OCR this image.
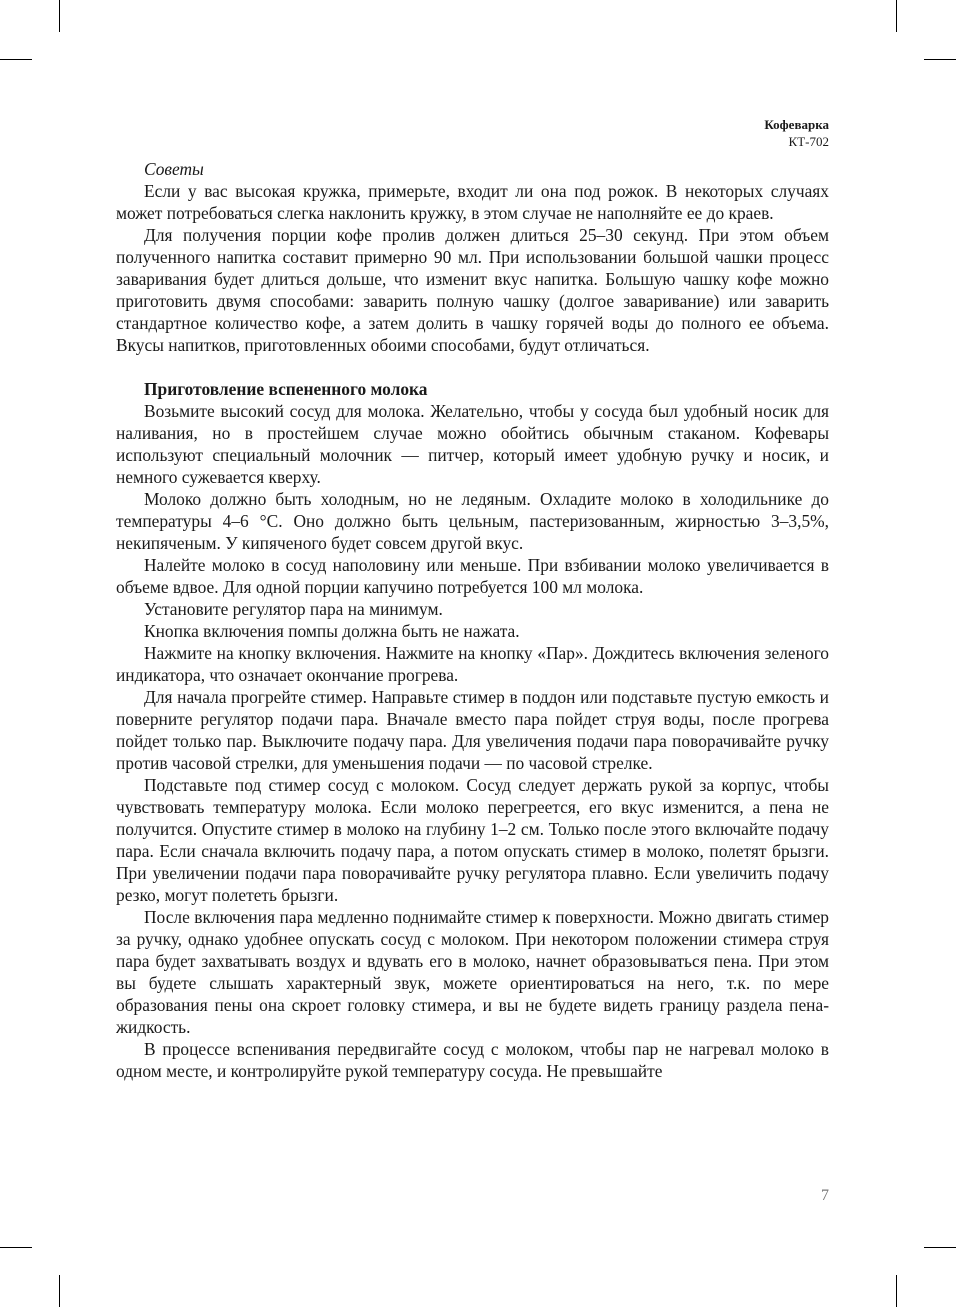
Кофеварка
КТ-702

Советы

Если у вас высокая кружка, примерьте, входит ли она под рожок. В некоторых случаях может потребоваться слегка наклонить кружку, в этом случае не наполняйте ее до краев.

Для получения порции кофе пролив должен длиться 25–30 секунд. При этом объем полученного напитка составит примерно 90 мл. При использовании большой чашки процесс заваривания будет длиться дольше, что изменит вкус напитка. Большую чашку кофе можно приготовить двумя способами: заварить полную чашку (долгое заваривание) или заварить стандартное количество кофе, а затем долить в чашку горячей воды до полного ее объема. Вкусы напитков, приготовленных обоими способами, будут отличаться.

Приготовление вспененного молока

Возьмите высокий сосуд для молока. Желательно, чтобы у сосуда был удобный носик для наливания, но в простейшем случае можно обойтись обычным стаканом. Кофевары используют специальный молочник — питчер, который имеет удобную ручку и носик, и немного сужевается кверху.

Молоко должно быть холодным, но не ледяным. Охладите молоко в холодильнике до температуры 4–6 °С. Оно должно быть цельным, пастеризованным, жирностью 3–3,5%, некипяченым. У кипяченого будет совсем другой вкус.

Налейте молоко в сосуд наполовину или меньше. При взбивании молоко увеличивается в объеме вдвое. Для одной порции капучино потребуется 100 мл молока.

Установите регулятор пара на минимум.

Кнопка включения помпы должна быть не нажата.

Нажмите на кнопку включения. Нажмите на кнопку «Пар». Дождитесь включения зеленого индикатора, что означает окончание прогрева.

Для начала прогрейте стимер. Направьте стимер в поддон или подставьте пустую емкость и поверните регулятор подачи пара. Вначале вместо пара пойдет струя воды, после прогрева пойдет только пар. Выключите подачу пара. Для увеличения подачи пара поворачивайте ручку против часовой стрелки, для уменьшения подачи — по часовой стрелке.

Подставьте под стимер сосуд с молоком. Сосуд следует держать рукой за корпус, чтобы чувствовать температуру молока. Если молоко перегреется, его вкус изменится, а пена не получится. Опустите стимер в молоко на глубину 1–2 см. Только после этого включайте подачу пара. Если сначала включить подачу пара, а потом опускать стимер в молоко, полетят брызги. При увеличении подачи пара поворачивайте ручку регулятора плавно. Если увеличить подачу резко, могут полететь брызги.

После включения пара медленно поднимайте стимер к поверхности. Можно двигать стимер за ручку, однако удобнее опускать сосуд с молоком. При некотором положении стимера струя пара будет захватывать воздух и вдувать его в молоко, начнет образовываться пена. При этом вы будете слышать характерный звук, можете ориентироваться на него, т.к. по мере образования пены она скроет головку стимера, и вы не будете видеть границу раздела пена-жидкость.

В процессе вспенивания передвигайте сосуд с молоком, чтобы пар не нагревал молоко в одном месте, и контролируйте рукой температуру сосуда. Не превышайте

7
